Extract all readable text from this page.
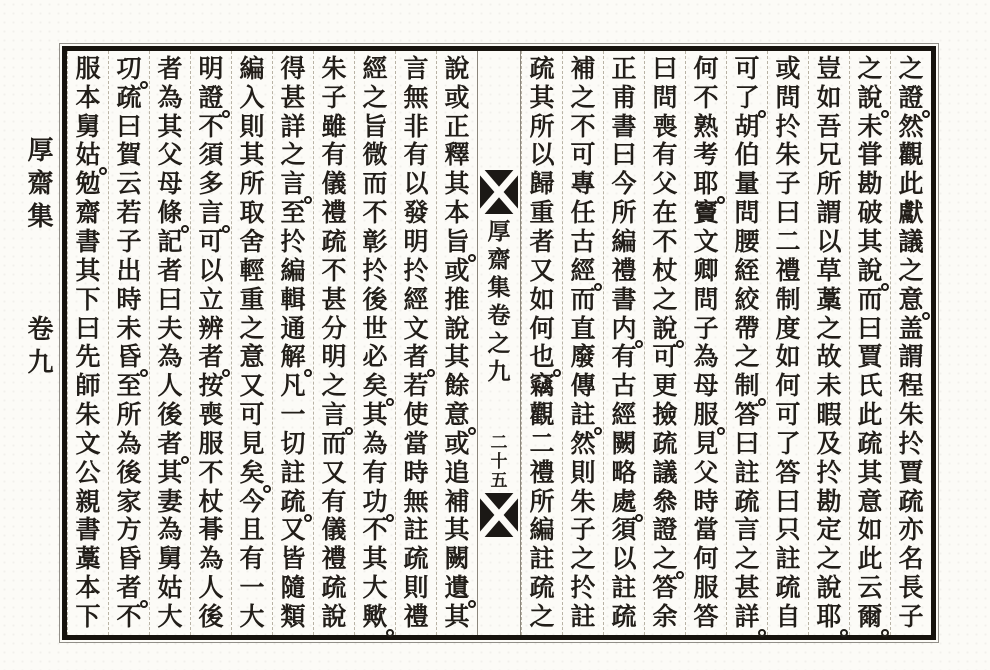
厚齋集 卷九
之
證
然
觀
此
獻
議
之
意
盖
謂
程
朱
扵
賈
疏
亦
名
長
子
之
說
未
甞
勘
破
其
說
而
曰
賈
氏
此
疏
其
意
如
此
云
爾
豈
如
吾
兄
所
謂
以
草
藁
之
故
未
暇
及
扵
勘
定
之
說
耶
或
問
扵
朱
子
曰
二
禮
制
度
如
何
可
了
答
曰
只
註
疏
自
可
了
胡
伯
量
問
腰
絰
絞
帶
之
制
答
曰
註
疏
言
之
甚
詳
何
不
熟
考
耶
竇
文
卿
問
子
為
母
服
見
父
時
當
何
服
答
曰
問
喪
有
父
在
不
杖
之
說
可
更
撿
疏
議
叅
證
之
答
余
正
甫
書
曰
今
所
編
禮
書
内
有
古
經
闕
略
處
須
以
註
疏
補
之
不
可
專
任
古
經
而
直
廢
傳
註
然
則
朱
子
之
扵
註
疏
其
所
以
歸
重
者
又
如
何
也
竊
觀
二
禮
所
編
註
疏
之
厚
齋
集
卷
之
九
二
十
五
說
或
正
釋
其
本
旨
或
推
說
其
餘
意
或
追
補
其
闕
遺
其
言
無
非
有
以
發
明
扵
經
文
者
若
使
當
時
無
註
疏
則
禮
經
之
旨
微
而
不
彰
扵
後
世
必
矣
其
為
有
功
不
其
大
歟
朱
子
雖
有
儀
禮
疏
不
甚
分
明
之
言
而
又
有
儀
禮
疏
說
得
甚
詳
之
言
至
扵
編
輯
通
解
凡
一
切
註
疏
又
皆
隨
類
編
入
則
其
所
取
舍
輕
重
之
意
又
可
見
矣
今
且
有
一
大
明
證
不
須
多
言
可
以
立
辨
者
按
喪
服
不
杖
朞
為
人
後
者
為
其
父
母
條
記
者
曰
夫
為
人
後
者
其
妻
為
舅
姑
大
㓛
疏
曰
賀
云
若
子
出
時
未
昏
至
所
為
後
家
方
昏
者
不
服
本
舅
姑
勉
齋
書
其
下
曰
先
師
朱
文
公
親
書
藁
本
下
